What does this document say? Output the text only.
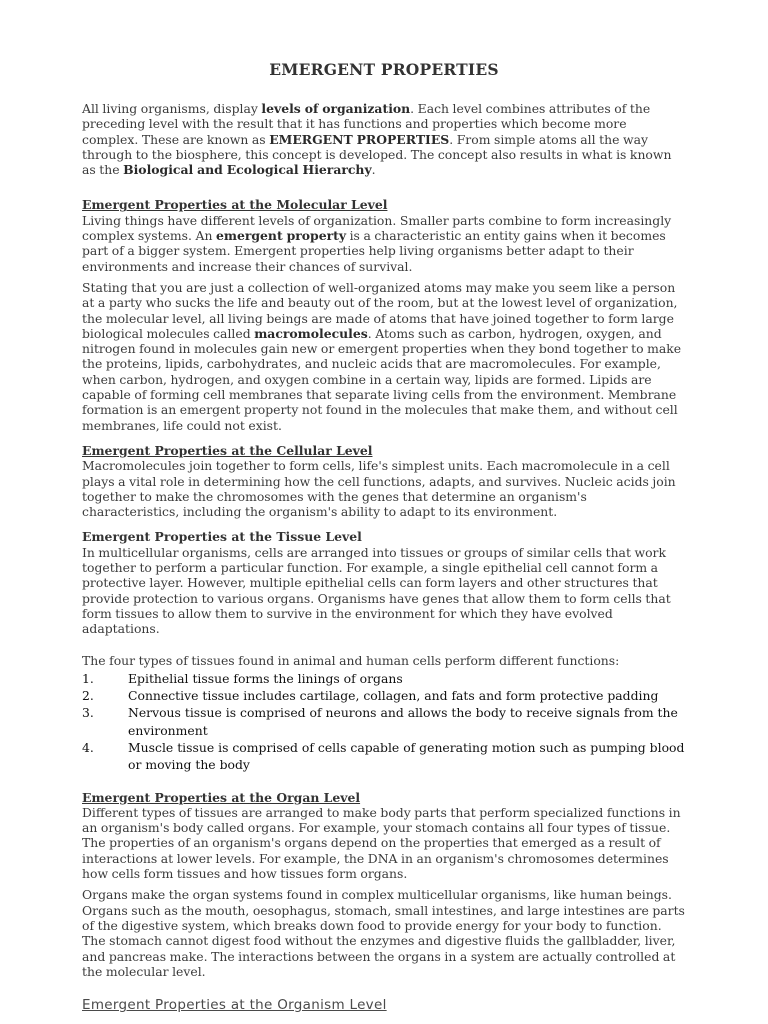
EMERGENT PROPERTIES

All living organisms, display levels of organization. Each level combines attributes of the preceding level with the result that it has functions and properties which become more complex. These are known as EMERGENT PROPERTIES. From simple atoms all the way through to the biosphere, this concept is developed. The concept also results in what is known as the Biological and Ecological Hierarchy.

Emergent Properties at the Molecular Level

Living things have different levels of organization. Smaller parts combine to form increasingly complex systems. An emergent property is a characteristic an entity gains when it becomes part of a bigger system. Emergent properties help living organisms better adapt to their environments and increase their chances of survival.

Stating that you are just a collection of well-organized atoms may make you seem like a person at a party who sucks the life and beauty out of the room, but at the lowest level of organization, the molecular level, all living beings are made of atoms that have joined together to form large biological molecules called macromolecules. Atoms such as carbon, hydrogen, oxygen, and nitrogen found in molecules gain new or emergent properties when they bond together to make the proteins, lipids, carbohydrates, and nucleic acids that are macromolecules. For example, when carbon, hydrogen, and oxygen combine in a certain way, lipids are formed. Lipids are capable of forming cell membranes that separate living cells from the environment. Membrane formation is an emergent property not found in the molecules that make them, and without cell membranes, life could not exist.

Emergent Properties at the Cellular Level

Macromolecules join together to form cells, life's simplest units. Each macromolecule in a cell plays a vital role in determining how the cell functions, adapts, and survives. Nucleic acids join together to make the chromosomes with the genes that determine an organism's characteristics, including the organism's ability to adapt to its environment.

Emergent Properties at the Tissue Level

In multicellular organisms, cells are arranged into tissues or groups of similar cells that work together to perform a particular function. For example, a single epithelial cell cannot form a protective layer. However, multiple epithelial cells can form layers and other structures that provide protection to various organs. Organisms have genes that allow them to form cells that form tissues to allow them to survive in the environment for which they have evolved adaptations.

The four types of tissues found in animal and human cells perform different functions:

1.	Epithelial tissue forms the linings of organs
2.	Connective tissue includes cartilage, collagen, and fats and form protective padding
3.	Nervous tissue is comprised of neurons and allows the body to receive signals from the environment
4.	Muscle tissue is comprised of cells capable of generating motion such as pumping blood or moving the body
Emergent Properties at the Organ Level

Different types of tissues are arranged to make body parts that perform specialized functions in an organism's body called organs. For example, your stomach contains all four types of tissue. The properties of an organism's organs depend on the properties that emerged as a result of interactions at lower levels. For example, the DNA in an organism's chromosomes determines how cells form tissues and how tissues form organs.

Organs make the organ systems found in complex multicellular organisms, like human beings. Organs such as the mouth, oesophagus, stomach, small intestines, and large intestines are parts of the digestive system, which breaks down food to provide energy for your body to function. The stomach cannot digest food without the enzymes and digestive fluids the gallbladder, liver, and pancreas make. The interactions between the organs in a system are actually controlled at the molecular level.

Emergent Properties at the Organism Level
